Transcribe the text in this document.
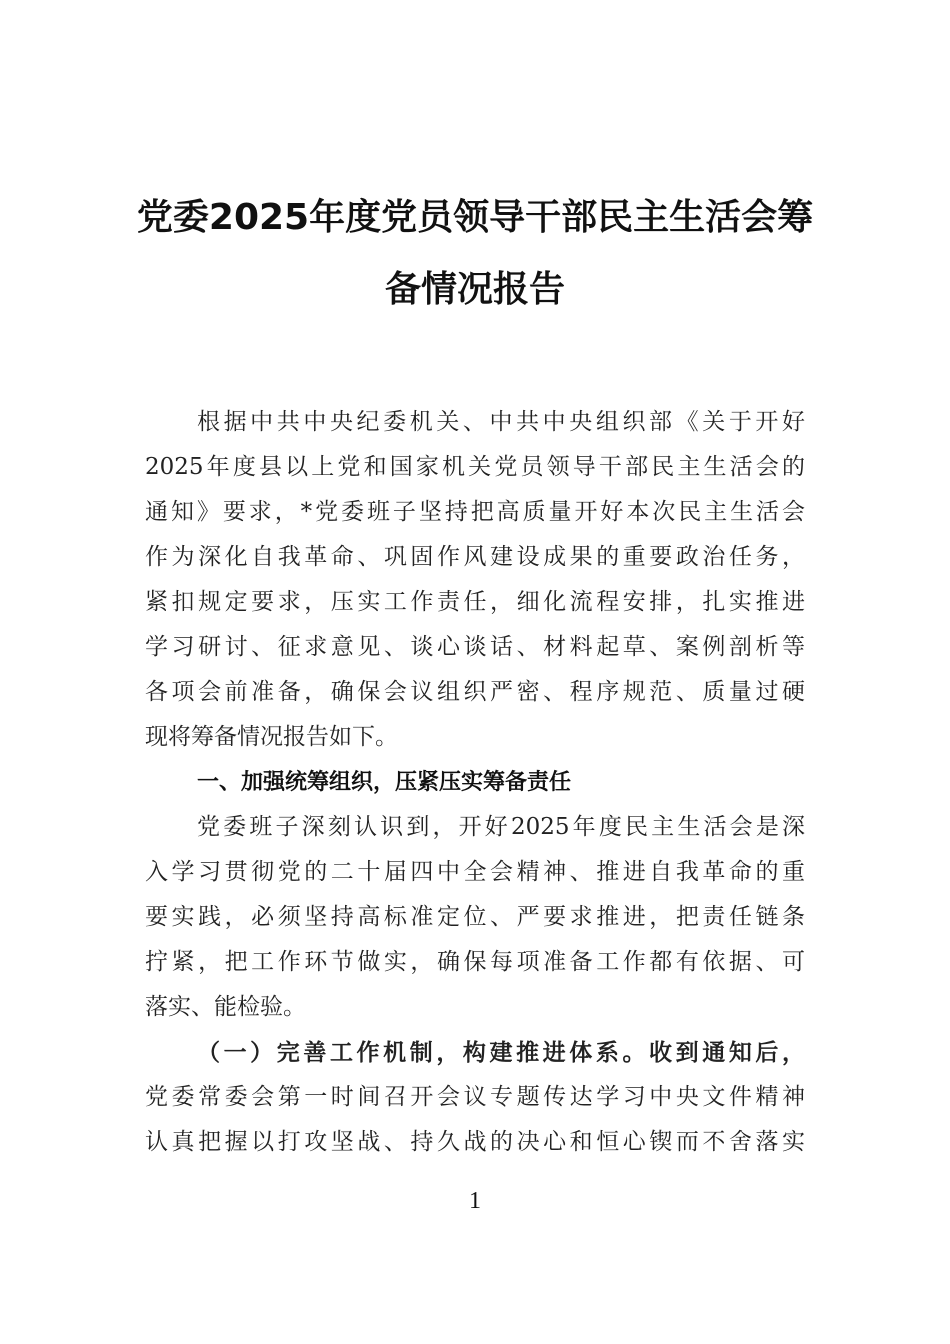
党委2025年度党员领导干部民主生活会筹
备情况报告

根据中共中央纪委机关、中共中央组织部《关于开好

2025年度县以上党和国家机关党员领导干部民主生活会的

通知》要求，*党委班子坚持把高质量开好本次民主生活会

作为深化自我革命、巩固作风建设成果的重要政治任务，

紧扣规定要求，压实工作责任，细化流程安排，扎实推进

学习研讨、征求意见、谈心谈话、材料起草、案例剖析等

各项会前准备，确保会议组织严密、程序规范、质量过硬

现将筹备情况报告如下。

一、加强统筹组织，压紧压实筹备责任

党委班子深刻认识到，开好2025年度民主生活会是深

入学习贯彻党的二十届四中全会精神、推进自我革命的重

要实践，必须坚持高标准定位、严要求推进，把责任链条

拧紧，把工作环节做实，确保每项准备工作都有依据、可

落实、能检验。

（一）完善工作机制，构建推进体系。收到通知后，

党委常委会第一时间召开会议专题传达学习中央文件精神

认真把握以打攻坚战、持久战的决心和恒心锲而不舍落实

1
